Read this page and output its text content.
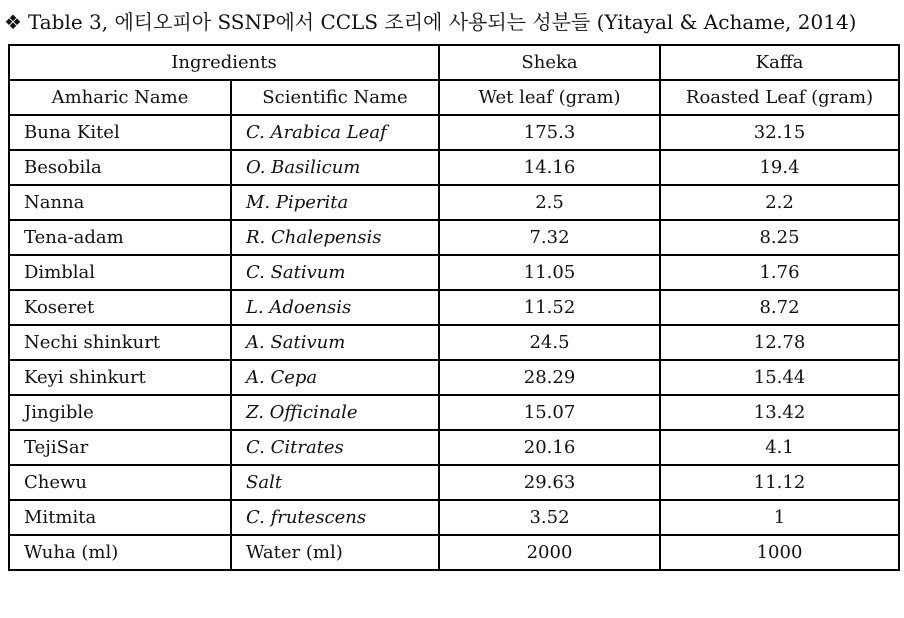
❖ Table 3, 에티오피아 SSNP에서 CCLS 조리에 사용되는 성분들 (Yitayal & Achame, 2014)
Ingredients		Sheka	Kaffa
Amharic Name	Scientific Name	Wet leaf (gram)	Roasted Leaf (gram)
Buna Kitel	C. Arabica Leaf	175.3	32.15
Besobila	O. Basilicum	14.16	19.4
Nanna	M. Piperita	2.5	2.2
Tena-adam	R. Chalepensis	7.32	8.25
Dimblal	C. Sativum	11.05	1.76
Koseret	L. Adoensis	11.52	8.72
Nechi shinkurt	A. Sativum	24.5	12.78
Keyi shinkurt	A. Cepa	28.29	15.44
Jingible	Z. Officinale	15.07	13.42
TejiSar	C. Citrates	20.16	4.1
Chewu	Salt	29.63	11.12
Mitmita	C. frutescens	3.52	1
Wuha (ml)	Water (ml)	2000	1000
